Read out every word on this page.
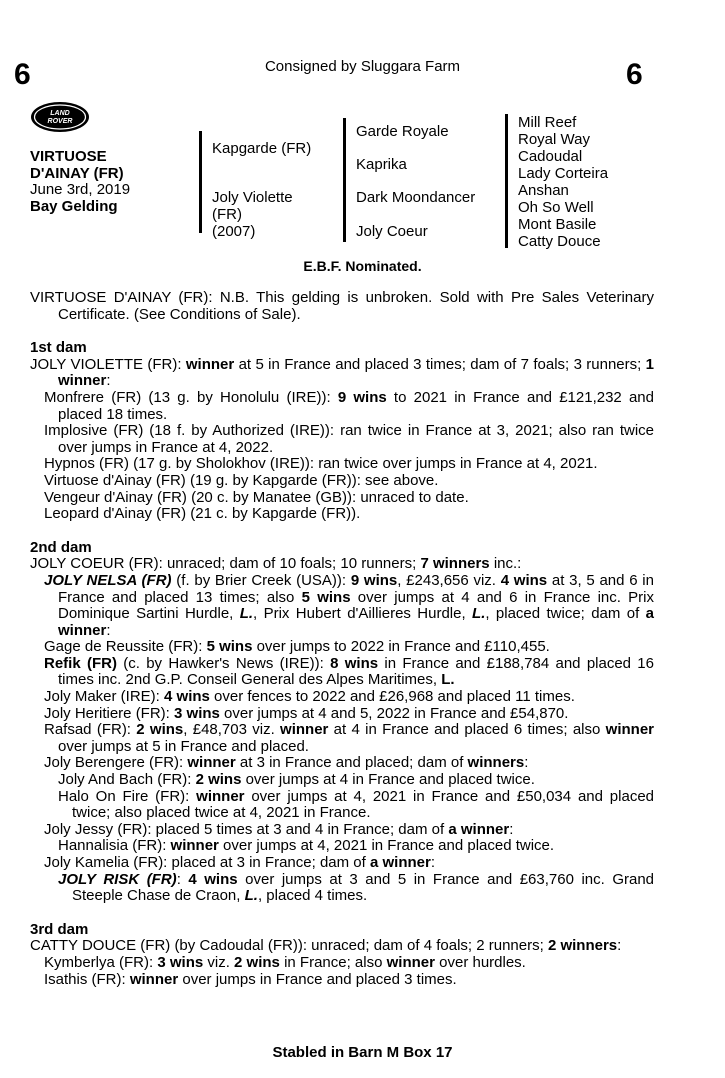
6	Consigned by Sluggara Farm	6
LAND
ROVER
VIRTUOSE
D'AINAY (FR)
June 3rd, 2019
Bay Gelding
Kapgarde (FR)
Joly Violette
(FR)
(2007)
Garde Royale
Kaprika
Dark Moondancer
Joly Coeur
Mill Reef
Royal Way
Cadoudal
Lady Corteira
Anshan
Oh So Well
Mont Basile
Catty Douce
E.B.F. Nominated.

VIRTUOSE D'AINAY (FR): N.B. This gelding is unbroken. Sold with Pre Sales Veterinary Certificate. (See Conditions of Sale).

1st dam

JOLY VIOLETTE (FR): winner at 5 in France and placed 3 times; dam of 7 foals; 3 runners; 1 winner:

Monfrere (FR) (13 g. by Honolulu (IRE)): 9 wins to 2021 in France and £121,232 and placed 18 times.

Implosive (FR) (18 f. by Authorized (IRE)): ran twice in France at 3, 2021; also ran twice over jumps in France at 4, 2022.

Hypnos (FR) (17 g. by Sholokhov (IRE)): ran twice over jumps in France at 4, 2021.

Virtuose d'Ainay (FR) (19 g. by Kapgarde (FR)): see above.

Vengeur d'Ainay (FR) (20 c. by Manatee (GB)): unraced to date.

Leopard d'Ainay (FR) (21 c. by Kapgarde (FR)).

2nd dam

JOLY COEUR (FR): unraced; dam of 10 foals; 10 runners; 7 winners inc.:

JOLY NELSA (FR) (f. by Brier Creek (USA)): 9 wins, £243,656 viz. 4 wins at 3, 5 and 6 in France and placed 13 times; also 5 wins over jumps at 4 and 6 in France inc. Prix Dominique Sartini Hurdle, L., Prix Hubert d'Aillieres Hurdle, L., placed twice; dam of a winner:

Gage de Reussite (FR): 5 wins over jumps to 2022 in France and £110,455.

Refik (FR) (c. by Hawker's News (IRE)): 8 wins in France and £188,784 and placed 16 times inc. 2nd G.P. Conseil General des Alpes Maritimes, L.

Joly Maker (IRE): 4 wins over fences to 2022 and £26,968 and placed 11 times.

Joly Heritiere (FR): 3 wins over jumps at 4 and 5, 2022 in France and £54,870.

Rafsad (FR): 2 wins, £48,703 viz. winner at 4 in France and placed 6 times; also winner over jumps at 5 in France and placed.

Joly Berengere (FR): winner at 3 in France and placed; dam of winners:

Joly And Bach (FR): 2 wins over jumps at 4 in France and placed twice.

Halo On Fire (FR): winner over jumps at 4, 2021 in France and £50,034 and placed twice; also placed twice at 4, 2021 in France.

Joly Jessy (FR): placed 5 times at 3 and 4 in France; dam of a winner:

Hannalisia (FR): winner over jumps at 4, 2021 in France and placed twice.

Joly Kamelia (FR): placed at 3 in France; dam of a winner:

JOLY RISK (FR): 4 wins over jumps at 3 and 5 in France and £63,760 inc. Grand Steeple Chase de Craon, L., placed 4 times.

3rd dam

CATTY DOUCE (FR) (by Cadoudal (FR)): unraced; dam of 4 foals; 2 runners; 2 winners:

Kymberlya (FR): 3 wins viz. 2 wins in France; also winner over hurdles.

Isathis (FR): winner over jumps in France and placed 3 times.

Stabled in Barn M Box 17
